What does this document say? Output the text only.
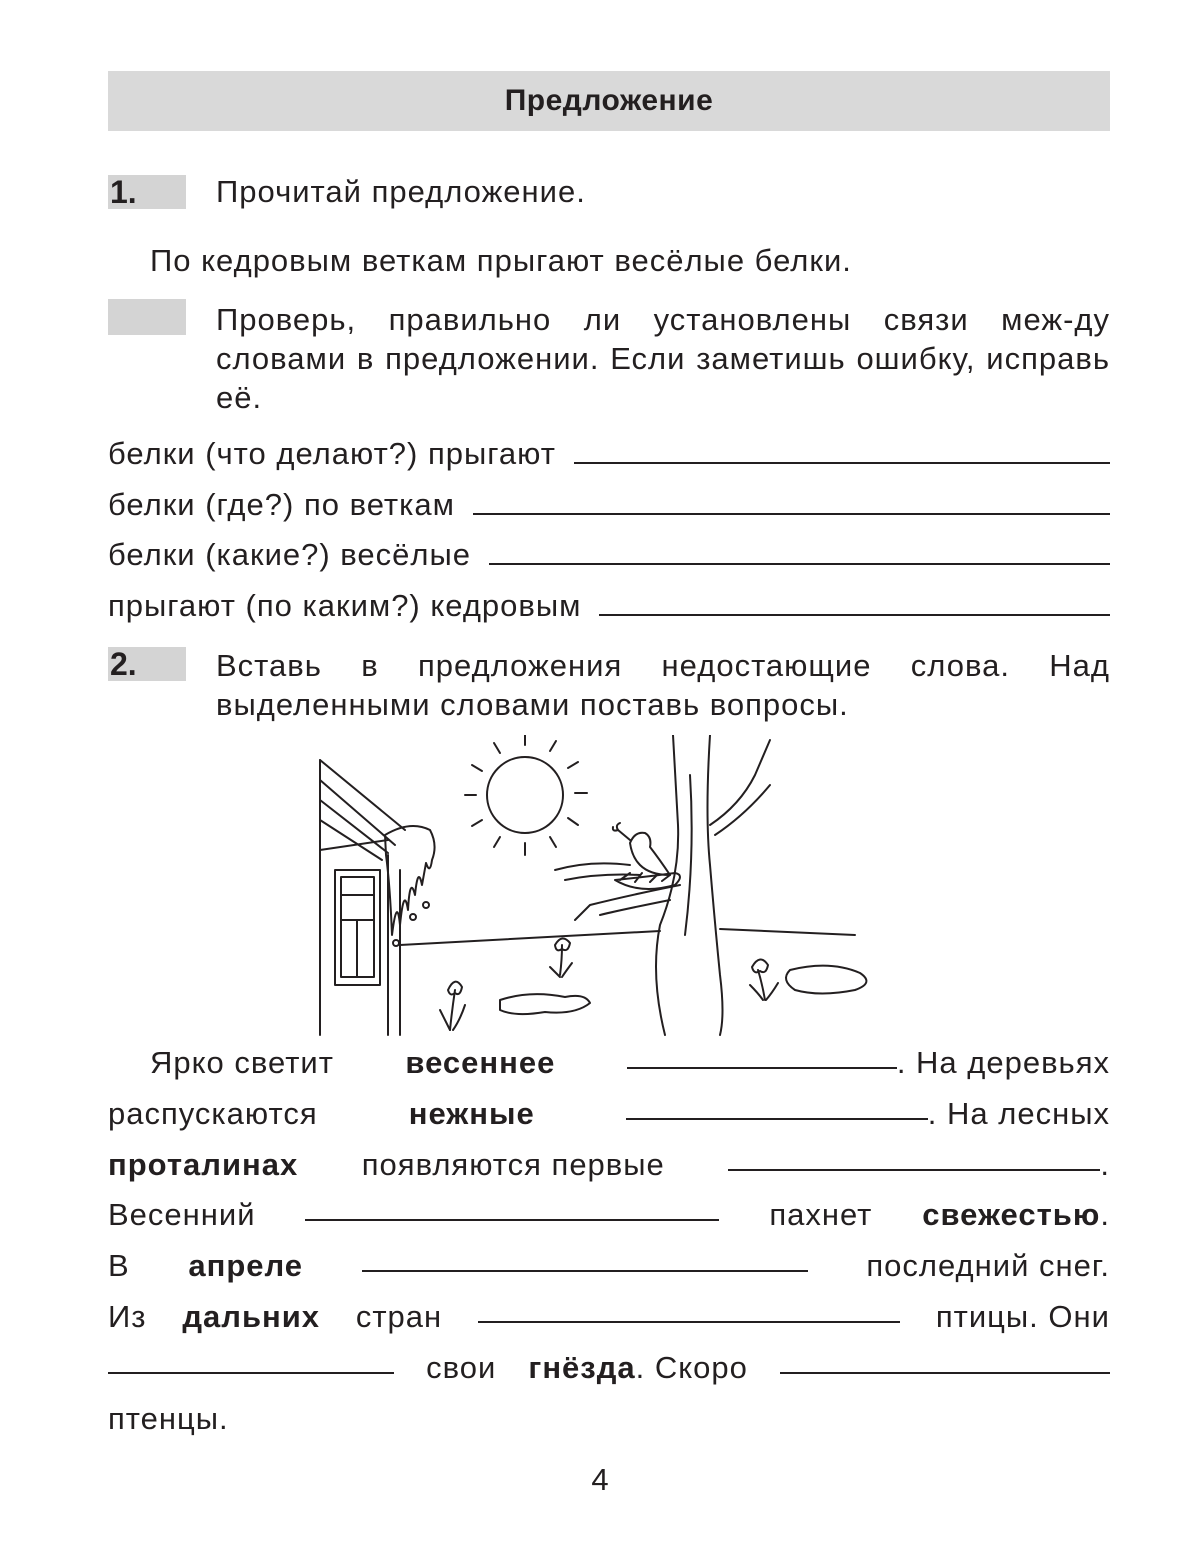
Предложение
1.	Прочитай предложение.
По кедровым веткам прыгают весёлые белки.
Проверь, правильно ли установлены связи меж-ду словами в предложении. Если заметишь ошибку, исправь её.
белки (что делают?) прыгают
белки (где?) по веткам
белки (какие?) весёлые
прыгают (по каким?) кедровым
2.	Вставь в предложения недостающие слова. Над выделенными словами поставь вопросы.
Ярко светит весеннее	. На деревьях
распускаются	нежные	. На лесных
проталинах появляются первые	.
Весенний	пахнет свежестью.
В апреле	последний снег.
Из дальних стран	птицы. Они
свои гнёзда. Скоро
птенцы.
4
